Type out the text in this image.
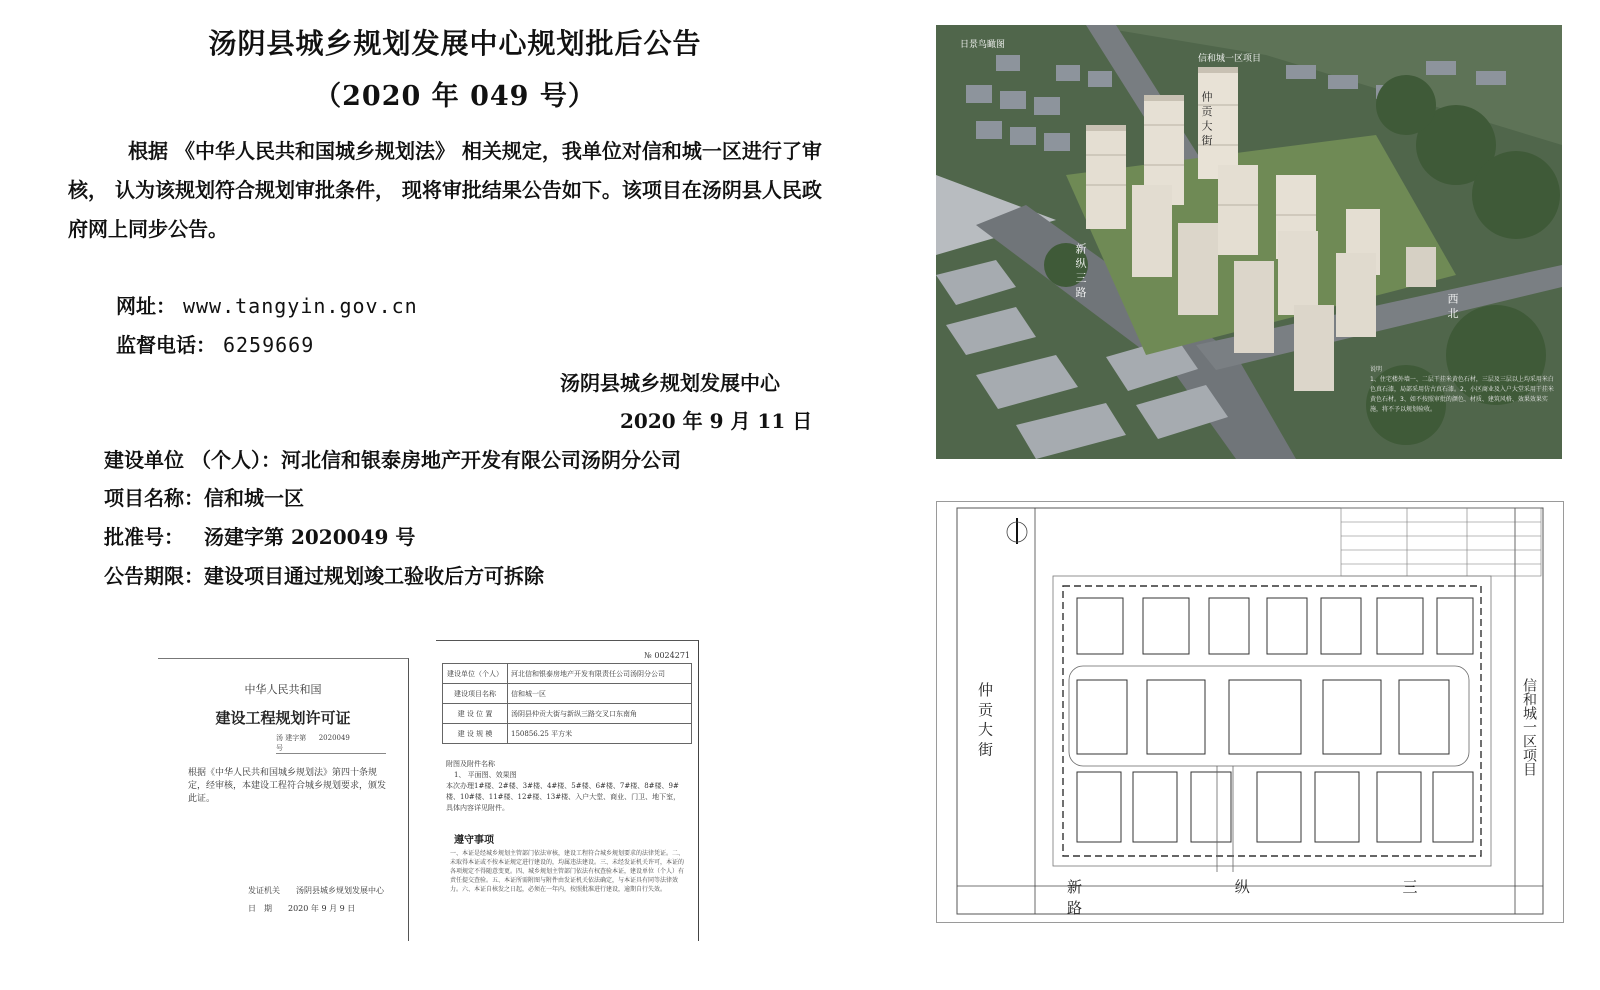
汤阴县城乡规划发展中心规划批后公告
（2020 年 049 号）
根据 《中华人民共和国城乡规划法》 相关规定，我单位对信和城一区进行了审核， 认为该规划符合规划审批条件， 现将审批结果公告如下。该项目在汤阴县人民政府网上同步公告。
网址： www.tangyin.gov.cn
监督电话： 6259669
汤阴县城乡规划发展中心
2020 年 9 月 11 日
建设单位 （个人）：河北信和银泰房地产开发有限公司汤阴分公司
项目名称：信和城一区
批准号： 汤建字第 2020049 号
公告期限：建设项目通过规划竣工验收后方可拆除
中华人民共和国
建设工程规划许可证
汤 建字第 2020049  号
根据《中华人民共和国城乡规划法》第四十条规定，经审核，本建设工程符合城乡规划要求，颁发此证。
发证机关　　 汤阴县城乡规划发展中心
日　期　　 2020 年 9 月 9 日
№ 0024271
建设单位（个人）	河北信和银泰房地产开发有限责任公司汤阴分公司
建设项目名称	信和城一区
建 设 位 置	汤阴县仲贡大街与新纵三路交叉口东南角
建 设 规 模	150856.25 平方米
附图及附件名称
1、 平面图、效果图
本次办理1#楼、2#楼、3#楼、4#楼、5#楼、6#楼、7#楼、8#楼、9#楼、10#楼、11#楼、12#楼、13#楼、入户大堂、商业、门卫、地下室，具体内容详见附件。
遵守事项
一、本证是经城乡规划主管部门依法审核，建设工程符合城乡规划要求的法律凭证。二、未取得本证或不按本证规定进行建设的，均属违法建设。三、未经发证机关许可，本证的各项规定不得随意变更。四、城乡规划主管部门依法有权查验本证，建设单位（个人）有责任提交查验。五、本证所需附图与附件由发证机关依法确定，与本证具有同等法律效力。六、本证自核发之日起，必须在一年内，按照批准进行建设，逾期自行失效。
日景鸟瞰图
信和城一区项目
仲 贡 大 街
新 纵 三 路
西 北
说明
1、住宅楼外墙一、二层干挂米黄色石材，三层及三层以上均采用米白色真石漆，局部采用仿古真石漆。2、小区商业及入户大堂采用干挂米黄色石材。3、如不按照审批的颜色、材质、建筑风格、效果效果实施，将不予以规划验收。
仲 贡 大 街
新 纵 三 路
信和城一区项目
